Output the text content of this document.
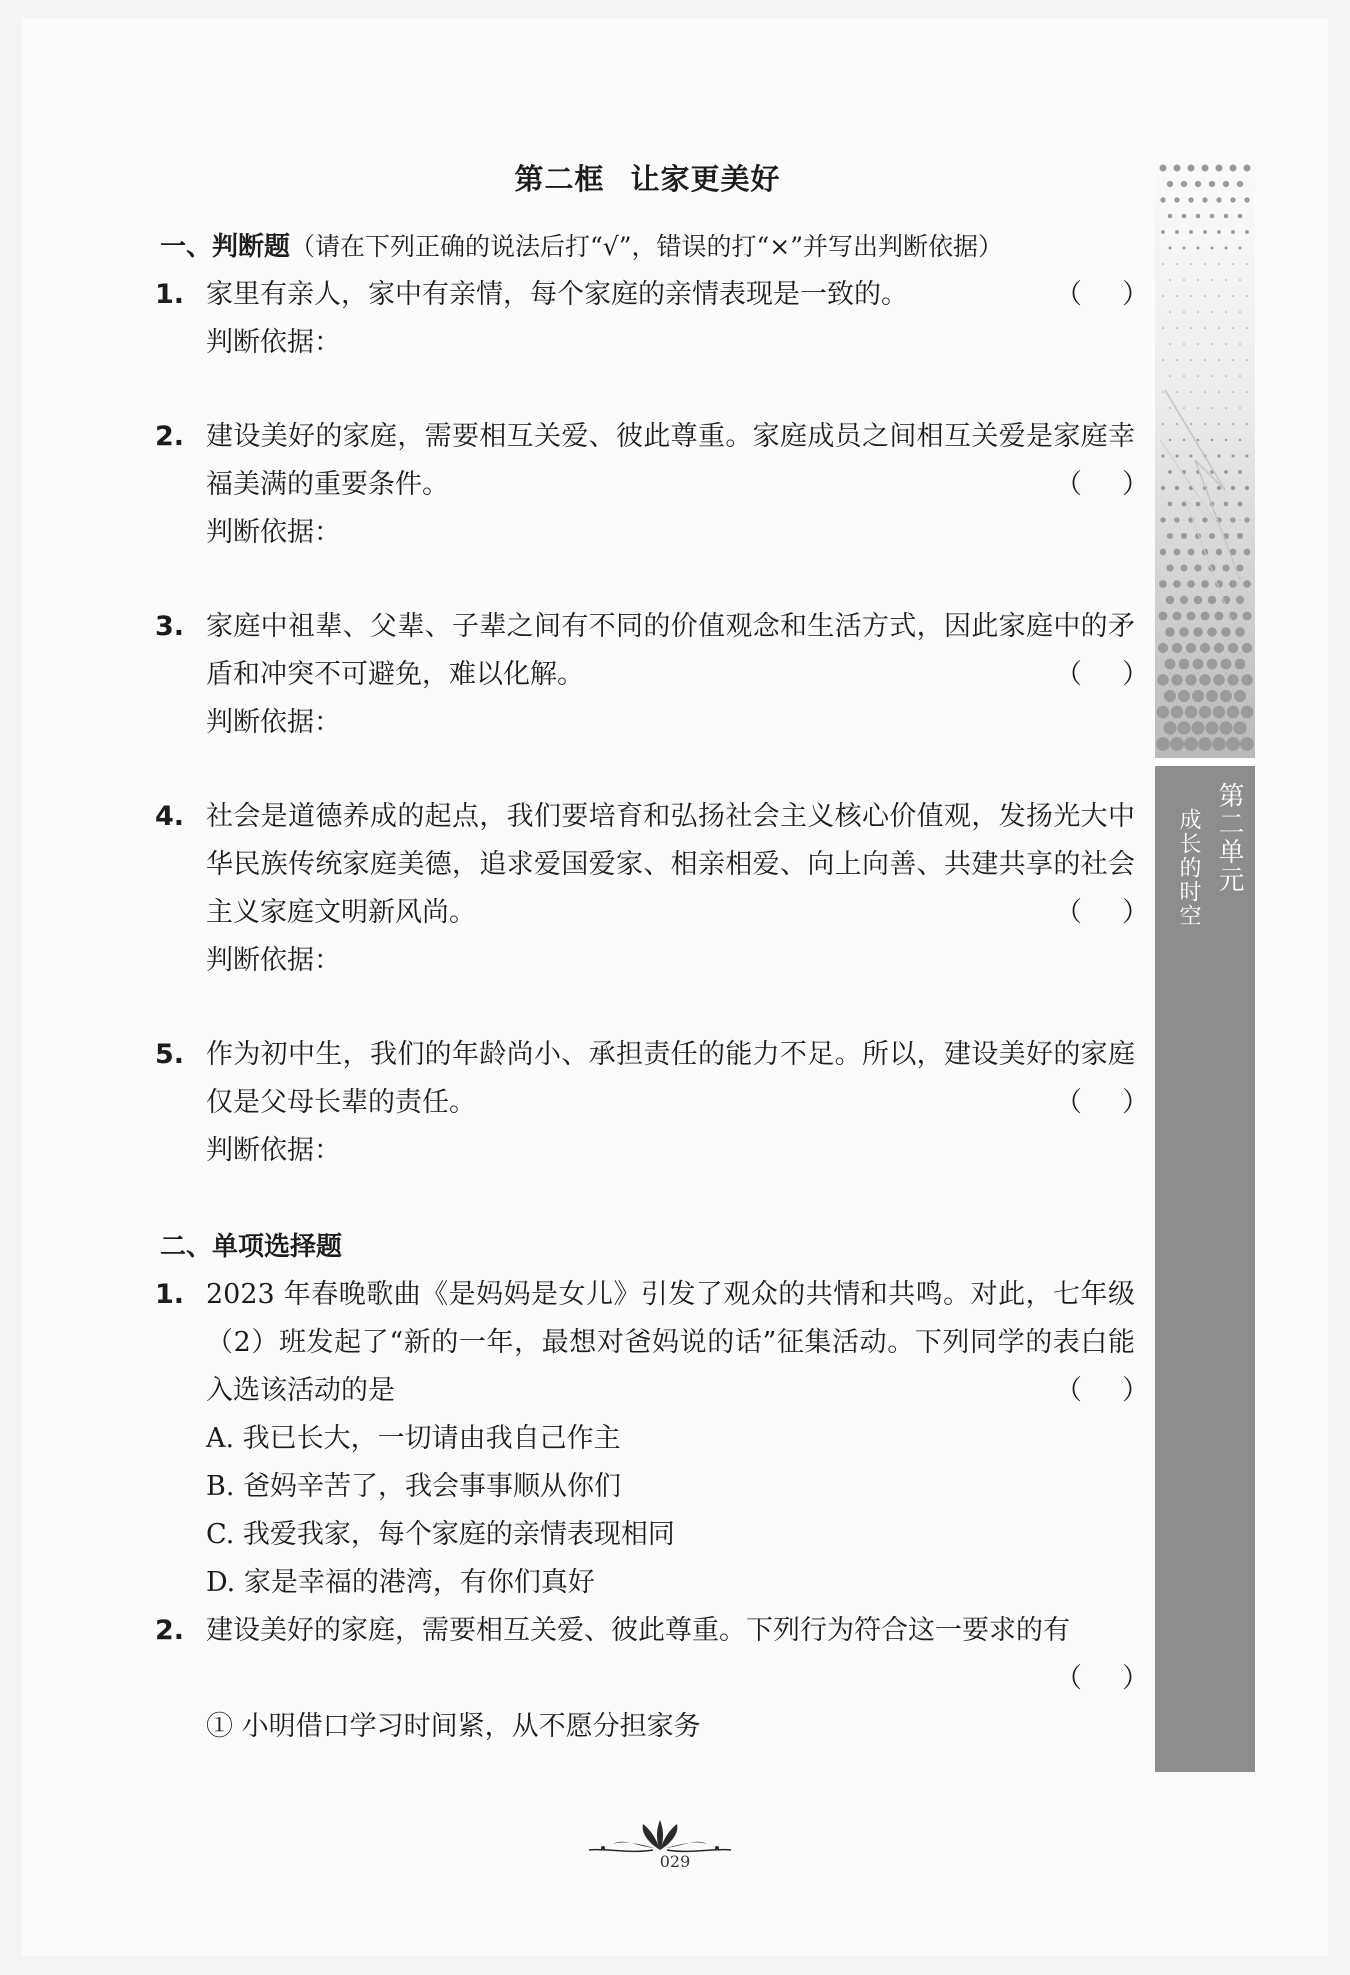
第二框 让家更美好
一、判断题（请在下列正确的说法后打“√”，错误的打“×”并写出判断依据）
1. 家里有亲人，家中有亲情，每个家庭的亲情表现是一致的。	（ ）
判断依据：
2. 建设美好的家庭，需要相互关爱、彼此尊重。家庭成员之间相互关爱是家庭幸福美满的重要条件。	（ ）
判断依据：
3. 家庭中祖辈、父辈、子辈之间有不同的价值观念和生活方式，因此家庭中的矛盾和冲突不可避免，难以化解。	（ ）
判断依据：
4. 社会是道德养成的起点，我们要培育和弘扬社会主义核心价值观，发扬光大中华民族传统家庭美德，追求爱国爱家、相亲相爱、向上向善、共建共享的社会主义家庭文明新风尚。	（ ）
判断依据：
5. 作为初中生，我们的年龄尚小、承担责任的能力不足。所以，建设美好的家庭仅是父母长辈的责任。	（ ）
判断依据：
二、单项选择题
1. 2023 年春晚歌曲《是妈妈是女儿》引发了观众的共情和共鸣。对此，七年级（2）班发起了“新的一年，最想对爸妈说的话”征集活动。下列同学的表白能入选该活动的是	（ ）
A. 我已长大，一切请由我自己作主
B. 爸妈辛苦了，我会事事顺从你们
C. 我爱我家，每个家庭的亲情表现相同
D. 家是幸福的港湾，有你们真好
2. 建设美好的家庭，需要相互关爱、彼此尊重。下列行为符合这一要求的有
（ ）
① 小明借口学习时间紧，从不愿分担家务
第二单元
成长的时空
029
